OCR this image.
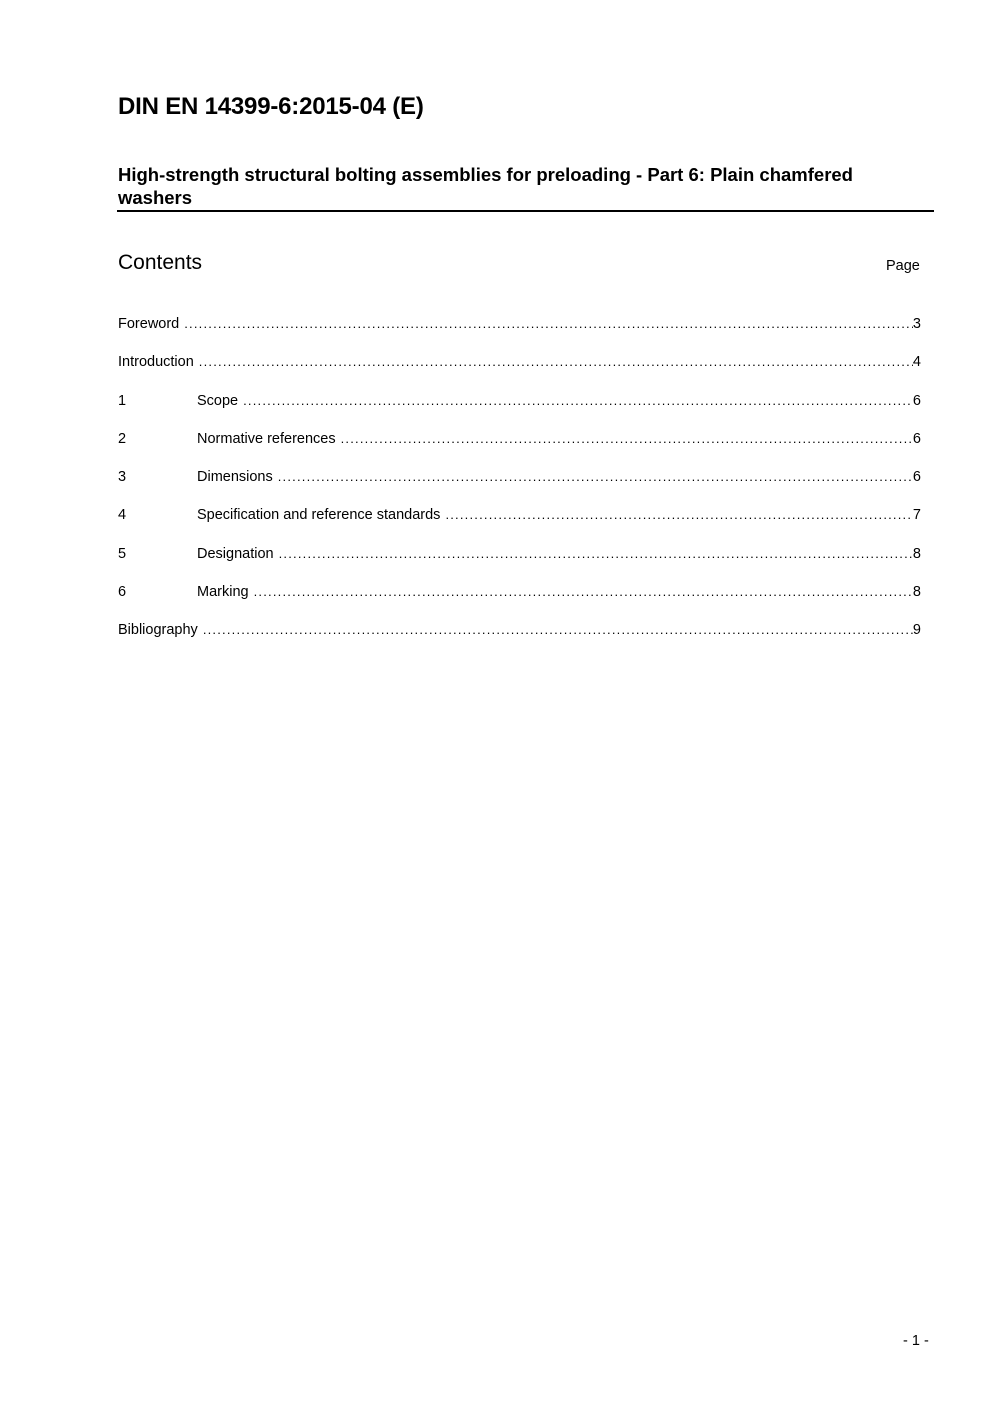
DIN EN 14399-6:2015-04 (E)
High-strength structural bolting assemblies for preloading - Part 6: Plain chamfered washers
Contents	Page
Foreword .....	3
Introduction .....	4
1	Scope .....	6
2	Normative references .....	6
3	Dimensions .....	6
4	Specification and reference standards .....	7
5	Designation .....	8
6	Marking .....	8
Bibliography .....	9
- 1 -
